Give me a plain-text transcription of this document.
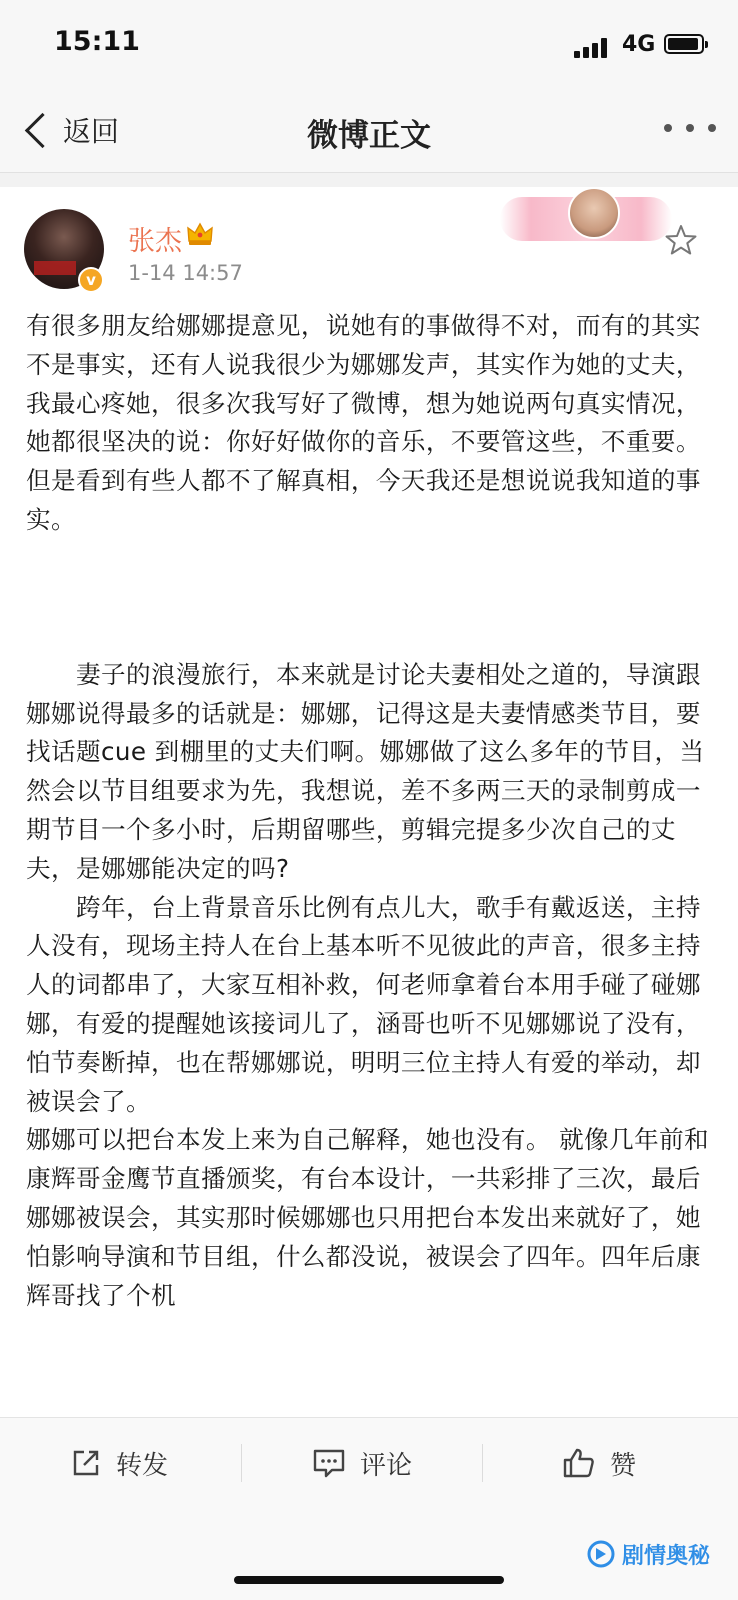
15:11	4G
返回	微博正文
v
张杰
1-14 14:57

有很多朋友给娜娜提意见，说她有的事做得不对，而有的其实不是事实，还有人说我很少为娜娜发声，其实作为她的丈夫，我最心疼她，很多次我写好了微博，想为她说两句真实情况，她都很坚决的说：你好好做你的音乐，不要管这些，不重要。但是看到有些人都不了解真相，今天我还是想说说我知道的事实。

　　妻子的浪漫旅行，本来就是讨论夫妻相处之道的，导演跟娜娜说得最多的话就是：娜娜，记得这是夫妻情感类节目，要找话题cue 到棚里的丈夫们啊。娜娜做了这么多年的节目，当然会以节目组要求为先，我想说，差不多两三天的录制剪成一期节目一个多小时，后期留哪些，剪辑完提多少次自己的丈夫，是娜娜能决定的吗?

　　跨年，台上背景音乐比例有点儿大，歌手有戴返送，主持人没有，现场主持人在台上基本听不见彼此的声音，很多主持人的词都串了，大家互相补救，何老师拿着台本用手碰了碰娜娜，有爱的提醒她该接词儿了，涵哥也听不见娜娜说了没有，怕节奏断掉，也在帮娜娜说，明明三位主持人有爱的举动，却被误会了。

娜娜可以把台本发上来为自己解释，她也没有。 就像几年前和康辉哥金鹰节直播颁奖，有台本设计，一共彩排了三次，最后娜娜被误会，其实那时候娜娜也只用把台本发出来就好了，她怕影响导演和节目组，什么都没说，被误会了四年。四年后康辉哥找了个机

转发	评论	赞
剧情奥秘
